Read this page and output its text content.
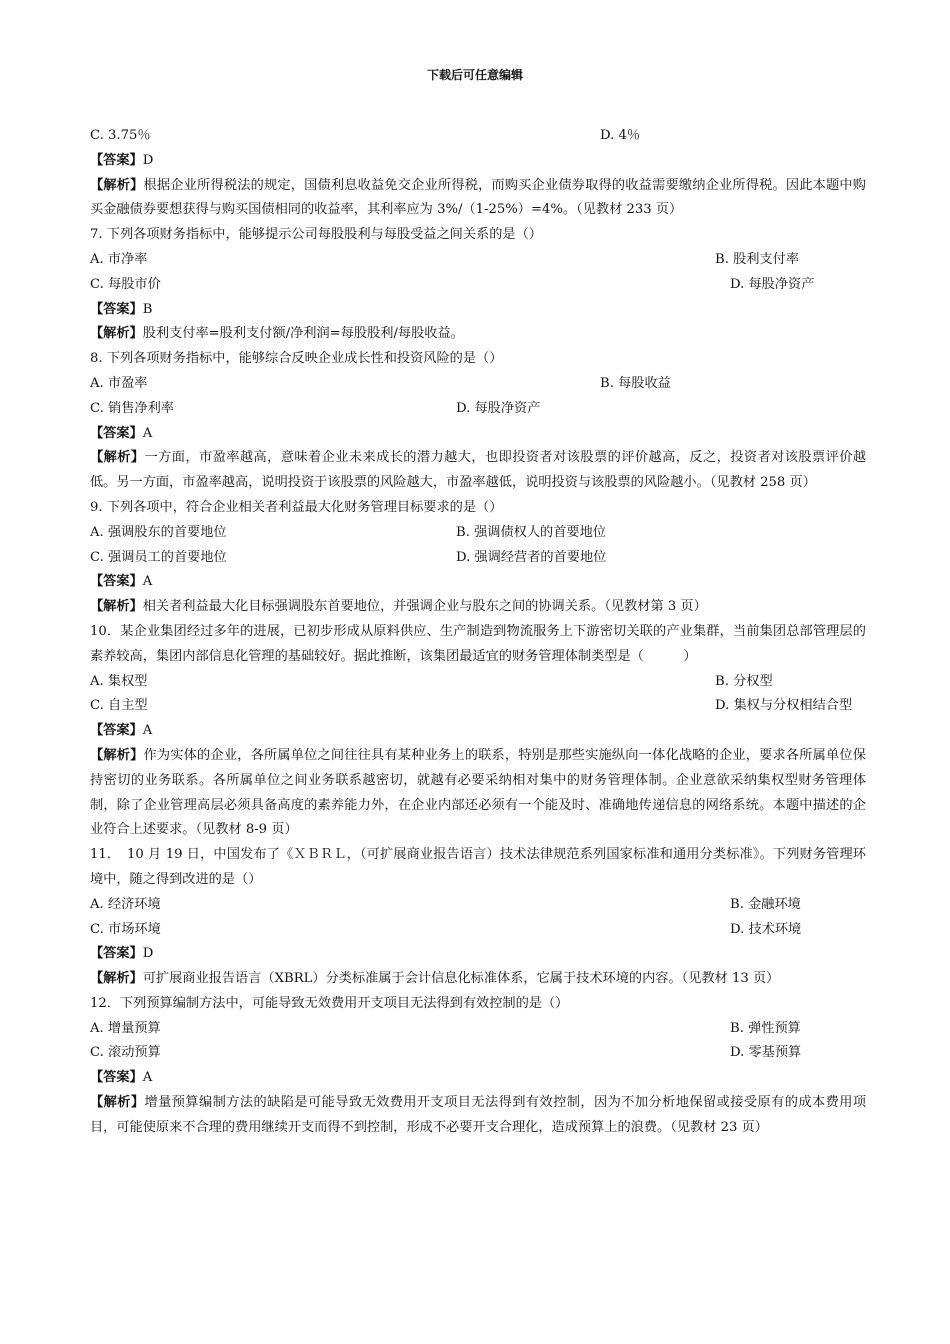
下载后可任意编辑
C. 3.75％	D. 4％
【答案】D
【解析】根据企业所得税法的规定，国债利息收益免交企业所得税，而购买企业债券取得的收益需要缴纳企业所得税。因此本题中购买金融债券要想获得与购买国债相同的收益率，其利率应为 3%/（1-25%）=4%。（见教材 233 页）
7. 下列各项财务指标中，能够提示公司每股股利与每股受益之间关系的是（）
A. 市净率	B. 股利支付率
C. 每股市价	D. 每股净资产
【答案】B
【解析】股利支付率=股利支付额/净利润=每股股利/每股收益。
8. 下列各项财务指标中，能够综合反映企业成长性和投资风险的是（）
A. 市盈率	B. 每股收益
C. 销售净利率	D. 每股净资产
【答案】A
【解析】一方面，市盈率越高，意味着企业未来成长的潜力越大，也即投资者对该股票的评价越高，反之，投资者对该股票评价越低。另一方面，市盈率越高，说明投资于该股票的风险越大，市盈率越低，说明投资与该股票的风险越小。（见教材 258 页）
9. 下列各项中，符合企业相关者利益最大化财务管理目标要求的是（）
A. 强调股东的首要地位	B. 强调债权人的首要地位
C. 强调员工的首要地位	D. 强调经营者的首要地位
【答案】A
【解析】相关者利益最大化目标强调股东首要地位，并强调企业与股东之间的协调关系。（见教材第 3 页）
10．某企业集团经过多年的进展，已初步形成从原料供应、生产制造到物流服务上下游密切关联的产业集群，当前集团总部管理层的素养较高，集团内部信息化管理的基础较好。据此推断，该集团最适宜的财务管理体制类型是（　　　）
A. 集权型	B. 分权型
C. 自主型	D. 集权与分权相结合型
【答案】A
【解析】作为实体的企业，各所属单位之间往往具有某种业务上的联系，特别是那些实施纵向一体化战略的企业，要求各所属单位保持密切的业务联系。各所属单位之间业务联系越密切，就越有必要采纳相对集中的财务管理体制。企业意欲采纳集权型财务管理体制，除了企业管理高层必须具备高度的素养能力外，在企业内部还必须有一个能及时、准确地传递信息的网络系统。本题中描述的企业符合上述要求。（见教材 8-9 页）
11．　10 月 19 日，中国发布了《ＸＢＲＬ，（可扩展商业报告语言）技术法律规范系列国家标准和通用分类标准》。下列财务管理环境中，随之得到改进的是（）
A. 经济环境	B. 金融环境
C. 市场环境	D. 技术环境
【答案】D
【解析】可扩展商业报告语言（XBRL）分类标准属于会计信息化标准体系，它属于技术环境的内容。（见教材 13 页）
12．下列预算编制方法中，可能导致无效费用开支项目无法得到有效控制的是（）
A. 增量预算	B. 弹性预算
C. 滚动预算	D. 零基预算
【答案】A
【解析】增量预算编制方法的缺陷是可能导致无效费用开支项目无法得到有效控制，因为不加分析地保留或接受原有的成本费用项目，可能使原来不合理的费用继续开支而得不到控制，形成不必要开支合理化，造成预算上的浪费。（见教材 23 页）
